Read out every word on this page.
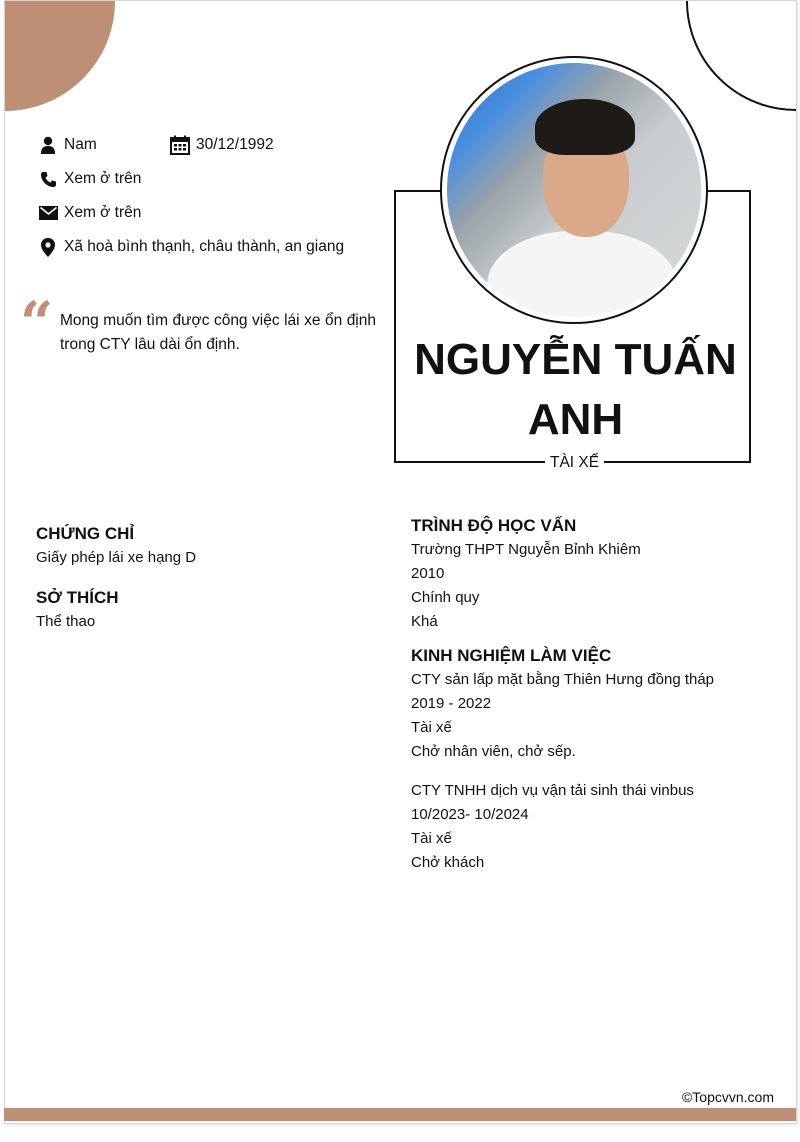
Nam	30/12/1992
Xem ở trên
Xem ở trên
Xã hoà bình thạnh, châu thành, an giang
“ Mong muốn tìm được công việc lái xe ổn định trong CTY lâu dài ổn định.	NGUYỄN TUẤN ANH
TÀI XẾ
CHỨNG CHỈ
Giấy phép lái xe hạng D
SỞ THÍCH
Thể thao
TRÌNH ĐỘ HỌC VẤN
Trường THPT Nguyễn Bỉnh Khiêm
2010
Chính quy
Khá
KINH NGHIỆM LÀM VIỆC
CTY sản lấp mặt bằng Thiên Hưng đồng tháp
2019 - 2022
Tài xế
Chở nhân viên, chở sếp.
CTY TNHH dịch vụ vận tải sinh thái vinbus
10/2023- 10/2024
Tài xế
Chở khách
©Topcvvn.com
